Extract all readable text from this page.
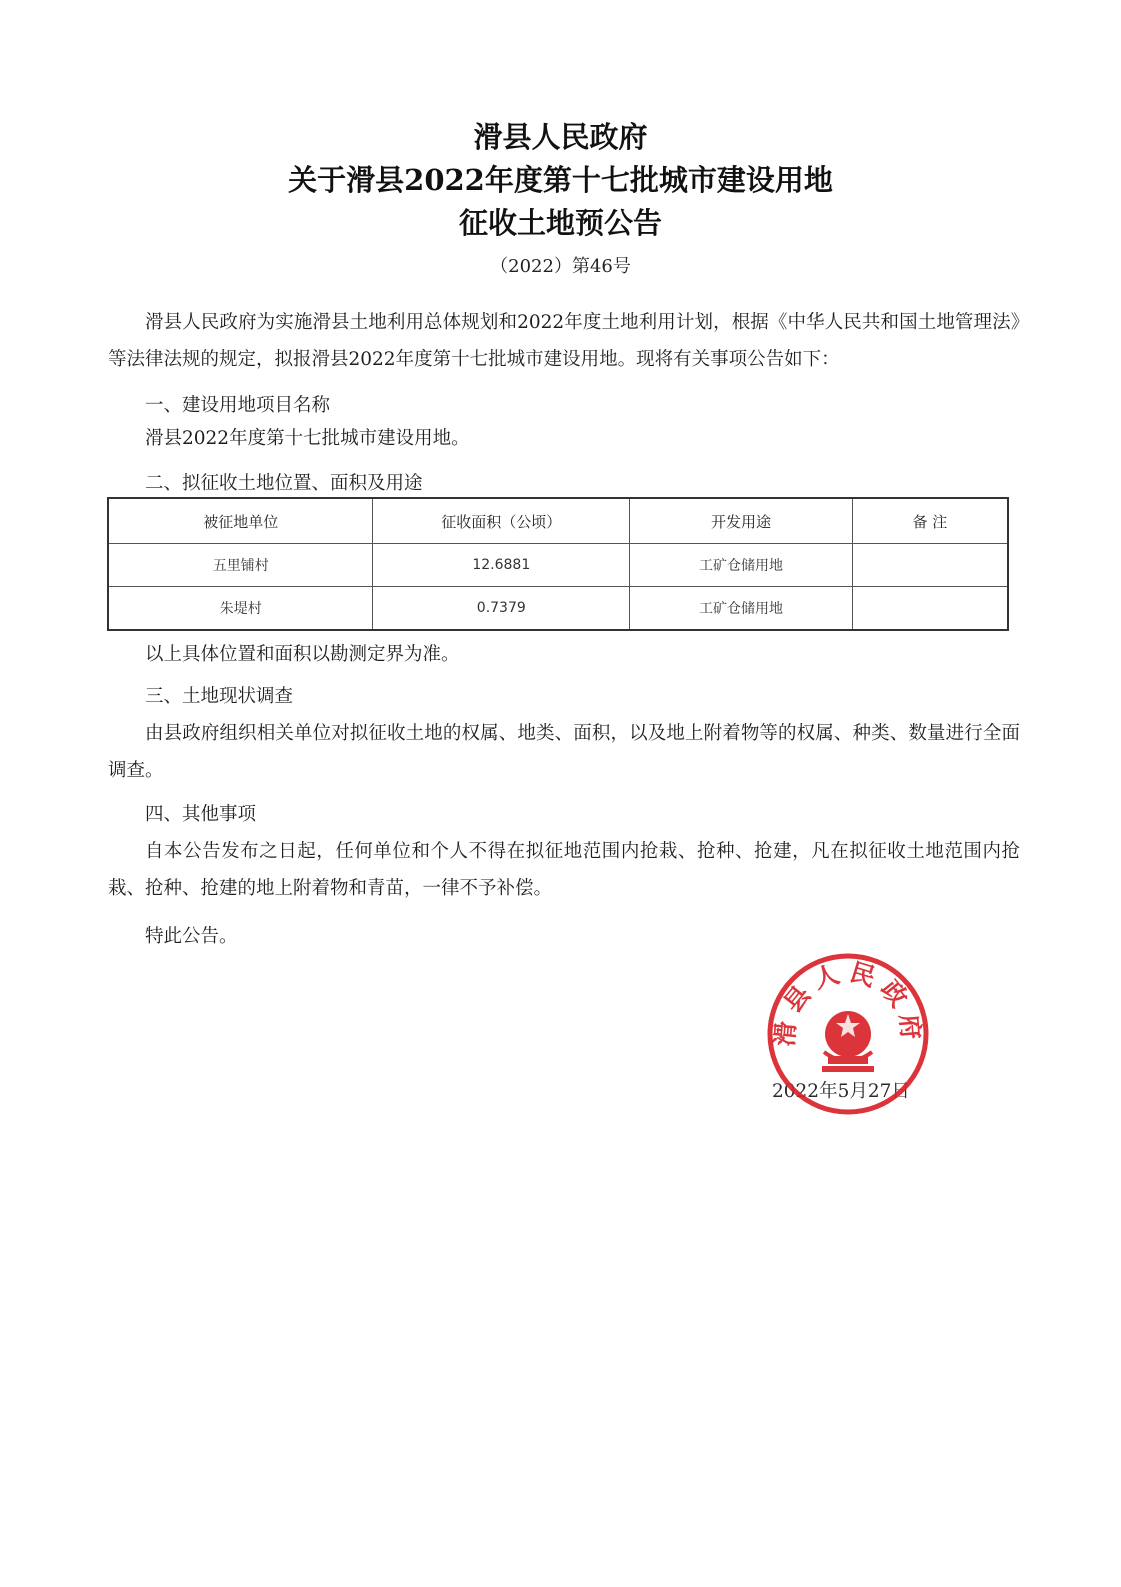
滑县人民政府
关于滑县2022年度第十七批城市建设用地
征收土地预公告
（2022）第46号
滑县人民政府为实施滑县土地利用总体规划和2022年度土地利用计划，根据《中华人民共和国土地管理法》等法律法规的规定，拟报滑县2022年度第十七批城市建设用地。现将有关事项公告如下：
一、建设用地项目名称
滑县2022年度第十七批城市建设用地。
二、拟征收土地位置、面积及用途
被征地单位	征收面积（公顷）	开发用途	备 注
五里铺村	12.6881	工矿仓储用地	
朱堤村	0.7379	工矿仓储用地	
以上具体位置和面积以勘测定界为准。
三、土地现状调查
由县政府组织相关单位对拟征收土地的权属、地类、面积，以及地上附着物等的权属、种类、数量进行全面调查。
四、其他事项
自本公告发布之日起，任何单位和个人不得在拟征地范围内抢栽、抢种、抢建，凡在拟征收土地范围内抢栽、抢种、抢建的地上附着物和青苗，一律不予补偿。
特此公告。
2022年5月27日
滑县人民政府
